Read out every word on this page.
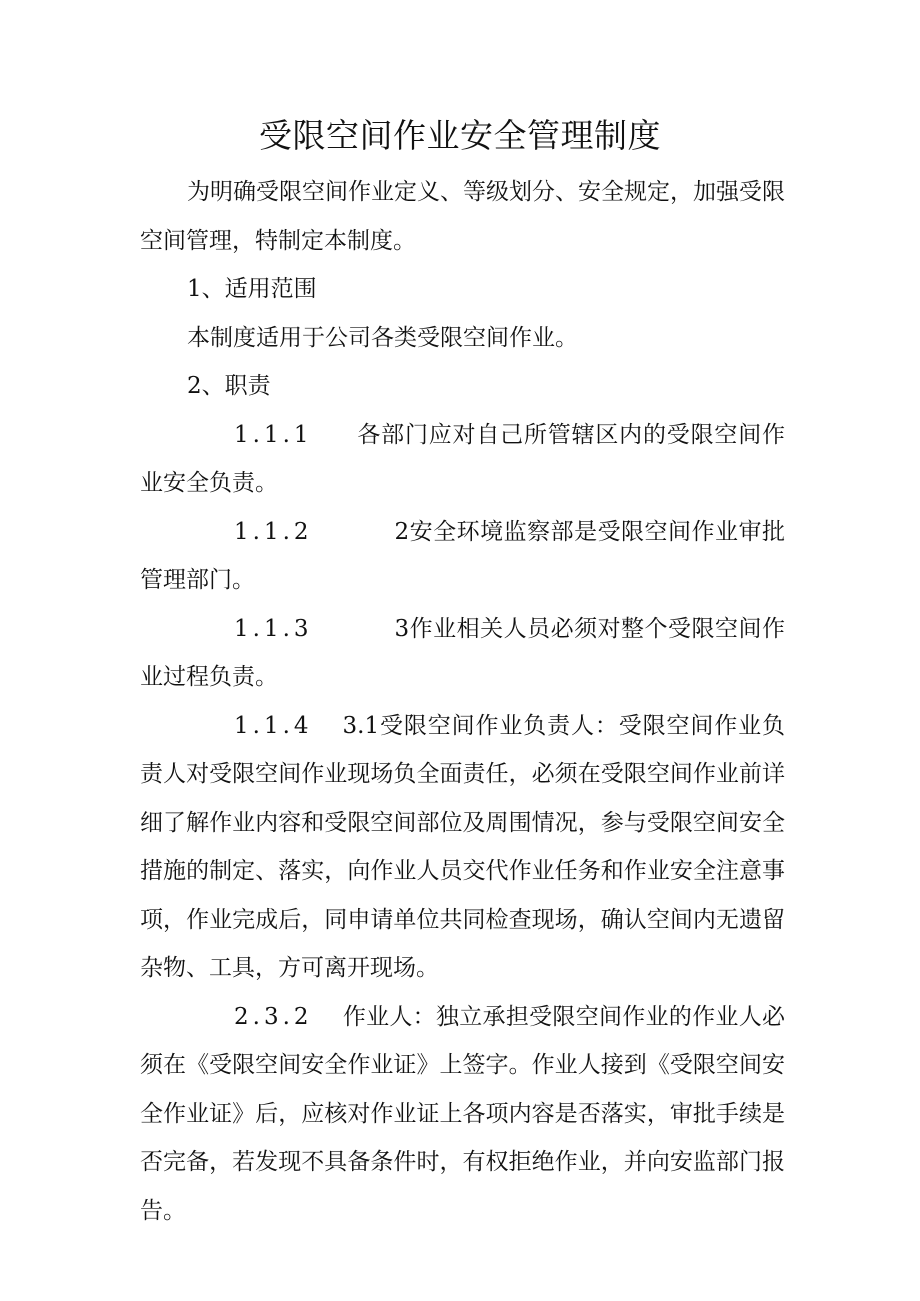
受限空间作业安全管理制度

为明确受限空间作业定义、等级划分、安全规定，加强受限空间管理，特制定本制度。

1、适用范围

本制度适用于公司各类受限空间作业。

2、职责

1.1.1 各部门应对自己所管辖区内的受限空间作业安全负责。

1.1.2	2安全环境监察部是受限空间作业审批管理部门。

1.1.3	3作业相关人员必须对整个受限空间作业过程负责。

1.1.4 3.1受限空间作业负责人：受限空间作业负责人对受限空间作业现场负全面责任，必须在受限空间作业前详细了解作业内容和受限空间部位及周围情况，参与受限空间安全措施的制定、落实，向作业人员交代作业任务和作业安全注意事项，作业完成后，同申请单位共同检查现场，确认空间内无遗留杂物、工具，方可离开现场。

2.3.2 作业人：独立承担受限空间作业的作业人必须在《受限空间安全作业证》上签字。作业人接到《受限空间安全作业证》后，应核对作业证上各项内容是否落实，审批手续是否完备，若发现不具备条件时，有权拒绝作业，并向安监部门报告。
